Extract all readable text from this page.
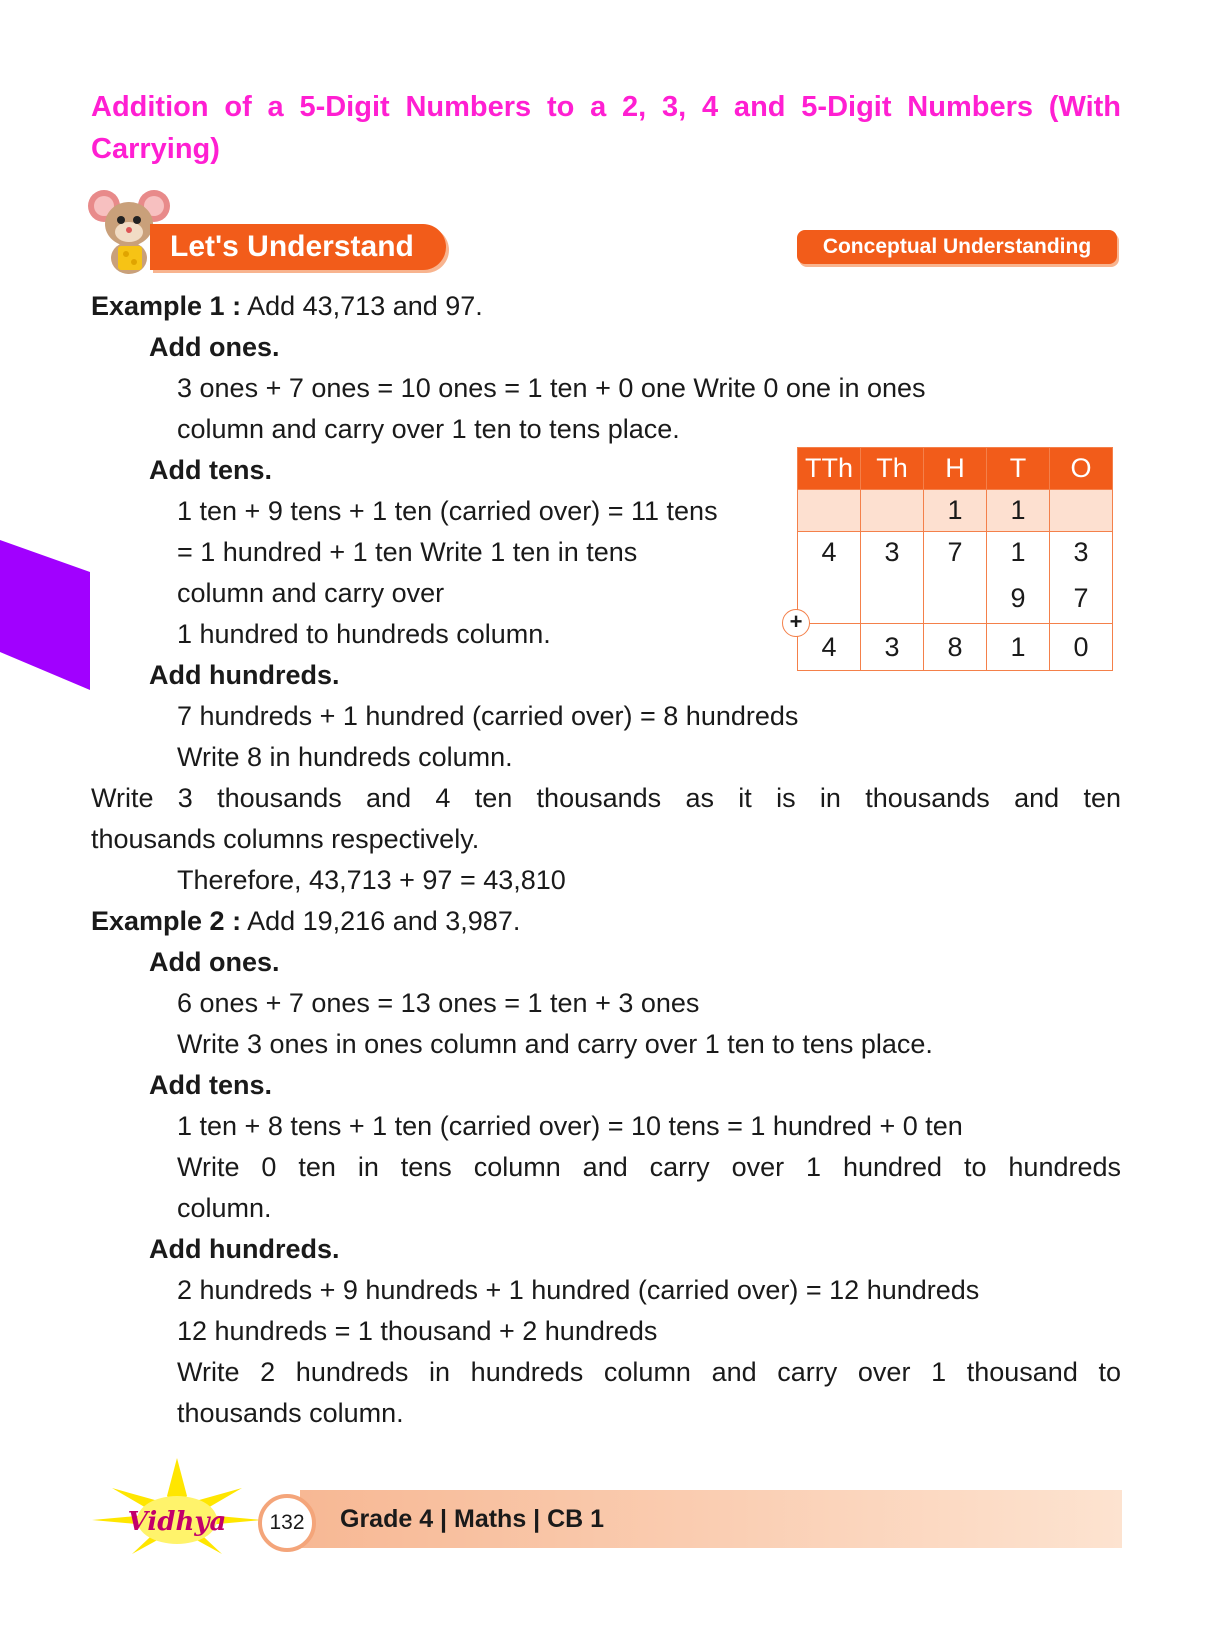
Addition of a 5-Digit Numbers to a 2, 3, 4 and 5-Digit Numbers (With Carrying)
Let's Understand	Conceptual Understanding
Example 1 : Add 43,713 and 97.
Add ones.
3 ones + 7 ones = 10 ones = 1 ten + 0 one Write 0 one in ones
column and carry over 1 ten to tens place.
Add tens.
1 ten + 9 tens + 1 ten (carried over) = 11 tens
= 1 hundred + 1 ten Write 1 ten in tens
column and carry over
1 hundred to hundreds column.
Add hundreds.
7 hundreds + 1 hundred (carried over) = 8 hundreds
Write 8 in hundreds column.
Write 3 thousands and 4 ten thousands as it is in thousands and ten
thousands columns respectively.
Therefore, 43,713 + 97 = 43,810
TTh	Th	H	T	O
		1	1	
4	3	7	1	3
			9	7
4	3	8	1	0
+
Example 2 : Add 19,216 and 3,987.
Add ones.
6 ones + 7 ones = 13 ones = 1 ten + 3 ones
Write 3 ones in ones column and carry over 1 ten to tens place.
Add tens.
1 ten + 8 tens + 1 ten (carried over) = 10 tens = 1 hundred + 0 ten
Write 0 ten in tens column and carry over 1 hundred to hundreds
column.
Add hundreds.
2 hundreds + 9 hundreds + 1 hundred (carried over) = 12 hundreds
12 hundreds = 1 thousand + 2 hundreds
Write 2 hundreds in hundreds column and carry over 1 thousand to
thousands column.
Vidhya	132	Grade 4 | Maths | CB 1
